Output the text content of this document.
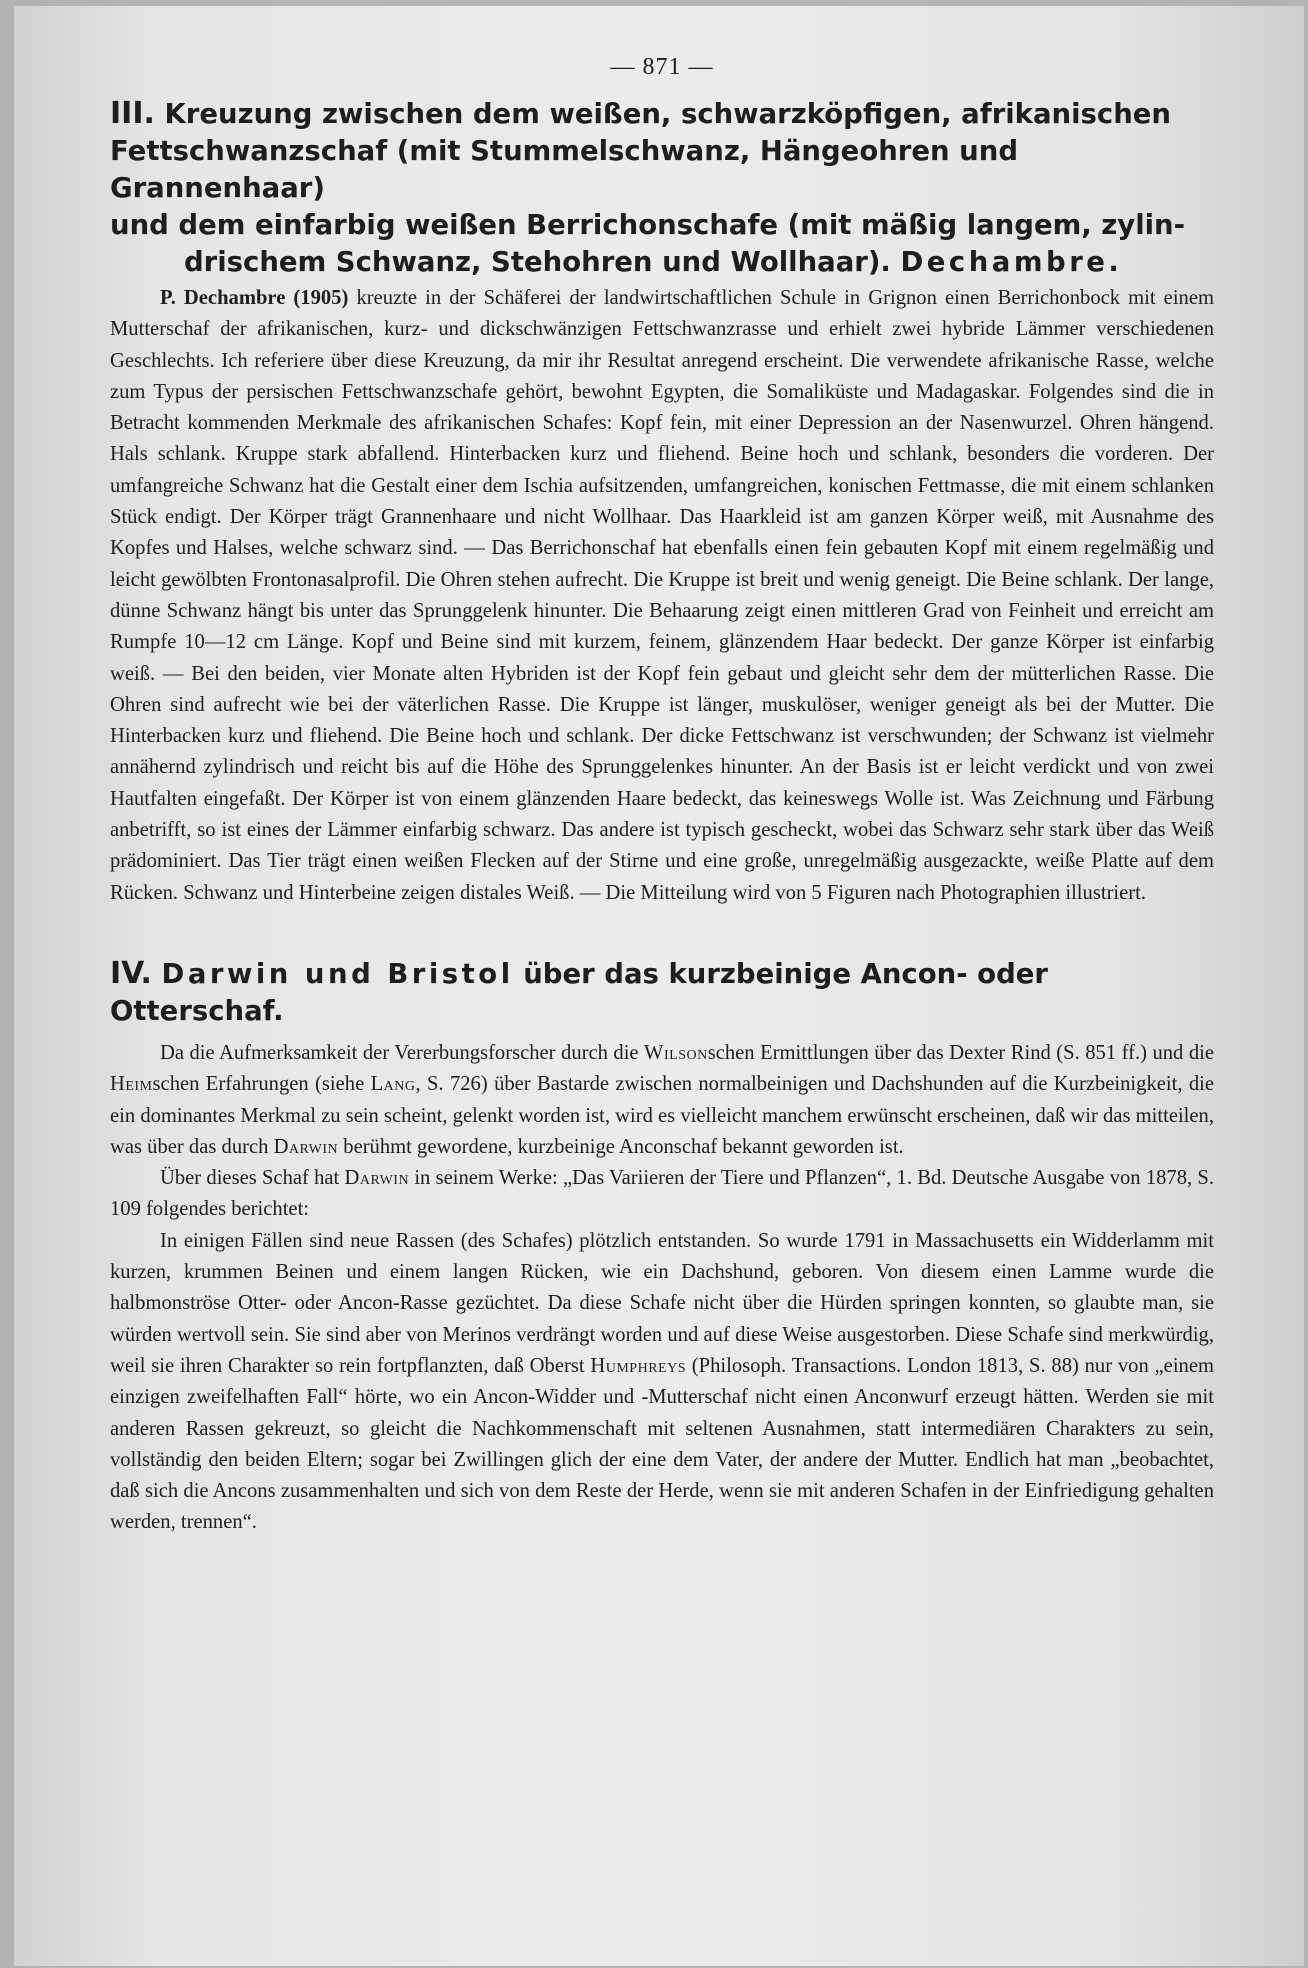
— 871 —
III. Kreuzung zwischen dem weißen, schwarzköpfigen, afrikanischen
Fettschwanzschaf (mit Stummelschwanz, Hängeohren und Grannenhaar)
und dem einfarbig weißen Berrichonschafe (mit mäßig langem, zylin-
drischem Schwanz, Stehohren und Wollhaar). Dechambre.

P. Dechambre (1905) kreuzte in der Schäferei der landwirtschaftlichen Schule in Grignon einen Berrichonbock mit einem Mutterschaf der afrikanischen, kurz- und dickschwänzigen Fettschwanzrasse und erhielt zwei hybride Lämmer verschiedenen Geschlechts. Ich referiere über diese Kreuzung, da mir ihr Resultat anregend erscheint. Die verwendete afrikanische Rasse, welche zum Typus der persischen Fettschwanzschafe gehört, bewohnt Egypten, die Somaliküste und Madagaskar. Folgendes sind die in Betracht kommenden Merkmale des afrikanischen Schafes: Kopf fein, mit einer Depression an der Nasenwurzel. Ohren hängend. Hals schlank. Kruppe stark abfallend. Hinterbacken kurz und fliehend. Beine hoch und schlank, besonders die vorderen. Der umfangreiche Schwanz hat die Gestalt einer dem Ischia aufsitzenden, umfangreichen, konischen Fettmasse, die mit einem schlanken Stück endigt. Der Körper trägt Grannenhaare und nicht Wollhaar. Das Haarkleid ist am ganzen Körper weiß, mit Ausnahme des Kopfes und Halses, welche schwarz sind. — Das Berrichonschaf hat ebenfalls einen fein gebauten Kopf mit einem regelmäßig und leicht gewölbten Frontonasalprofil. Die Ohren stehen aufrecht. Die Kruppe ist breit und wenig geneigt. Die Beine schlank. Der lange, dünne Schwanz hängt bis unter das Sprunggelenk hinunter. Die Behaarung zeigt einen mittleren Grad von Feinheit und erreicht am Rumpfe 10—12 cm Länge. Kopf und Beine sind mit kurzem, feinem, glänzendem Haar bedeckt. Der ganze Körper ist einfarbig weiß. — Bei den beiden, vier Monate alten Hybriden ist der Kopf fein gebaut und gleicht sehr dem der mütterlichen Rasse. Die Ohren sind aufrecht wie bei der väterlichen Rasse. Die Kruppe ist länger, muskulöser, weniger geneigt als bei der Mutter. Die Hinterbacken kurz und fliehend. Die Beine hoch und schlank. Der dicke Fettschwanz ist verschwunden; der Schwanz ist vielmehr annähernd zylindrisch und reicht bis auf die Höhe des Sprunggelenkes hinunter. An der Basis ist er leicht verdickt und von zwei Hautfalten eingefaßt. Der Körper ist von einem glänzenden Haare bedeckt, das keineswegs Wolle ist. Was Zeichnung und Färbung anbetrifft, so ist eines der Lämmer einfarbig schwarz. Das andere ist typisch gescheckt, wobei das Schwarz sehr stark über das Weiß prädominiert. Das Tier trägt einen weißen Flecken auf der Stirne und eine große, unregelmäßig ausgezackte, weiße Platte auf dem Rücken. Schwanz und Hinterbeine zeigen distales Weiß. — Die Mitteilung wird von 5 Figuren nach Photographien illustriert.

IV. Darwin und Bristol über das kurzbeinige Ancon- oder Otterschaf.

Da die Aufmerksamkeit der Vererbungsforscher durch die Wilsonschen Ermittlungen über das Dexter Rind (S. 851 ff.) und die Heimschen Erfahrungen (siehe Lang, S. 726) über Bastarde zwischen normalbeinigen und Dachshunden auf die Kurzbeinigkeit, die ein dominantes Merkmal zu sein scheint, gelenkt worden ist, wird es vielleicht manchem erwünscht erscheinen, daß wir das mitteilen, was über das durch Darwin berühmt gewordene, kurzbeinige Anconschaf bekannt geworden ist.

Über dieses Schaf hat Darwin in seinem Werke: „Das Variieren der Tiere und Pflanzen“, 1. Bd. Deutsche Ausgabe von 1878, S. 109 folgendes berichtet:

In einigen Fällen sind neue Rassen (des Schafes) plötzlich entstanden. So wurde 1791 in Massachusetts ein Widderlamm mit kurzen, krummen Beinen und einem langen Rücken, wie ein Dachshund, geboren. Von diesem einen Lamme wurde die halbmonströse Otter- oder Ancon-Rasse gezüchtet. Da diese Schafe nicht über die Hürden springen konnten, so glaubte man, sie würden wertvoll sein. Sie sind aber von Merinos verdrängt worden und auf diese Weise ausgestorben. Diese Schafe sind merkwürdig, weil sie ihren Charakter so rein fortpflanzten, daß Oberst Humphreys (Philosoph. Transactions. London 1813, S. 88) nur von „einem einzigen zweifelhaften Fall“ hörte, wo ein Ancon-Widder und -Mutterschaf nicht einen Anconwurf erzeugt hätten. Werden sie mit anderen Rassen gekreuzt, so gleicht die Nachkommenschaft mit seltenen Ausnahmen, statt intermediären Charakters zu sein, vollständig den beiden Eltern; sogar bei Zwillingen glich der eine dem Vater, der andere der Mutter. Endlich hat man „beobachtet, daß sich die Ancons zusammenhalten und sich von dem Reste der Herde, wenn sie mit anderen Schafen in der Einfriedigung gehalten werden, trennen“.
